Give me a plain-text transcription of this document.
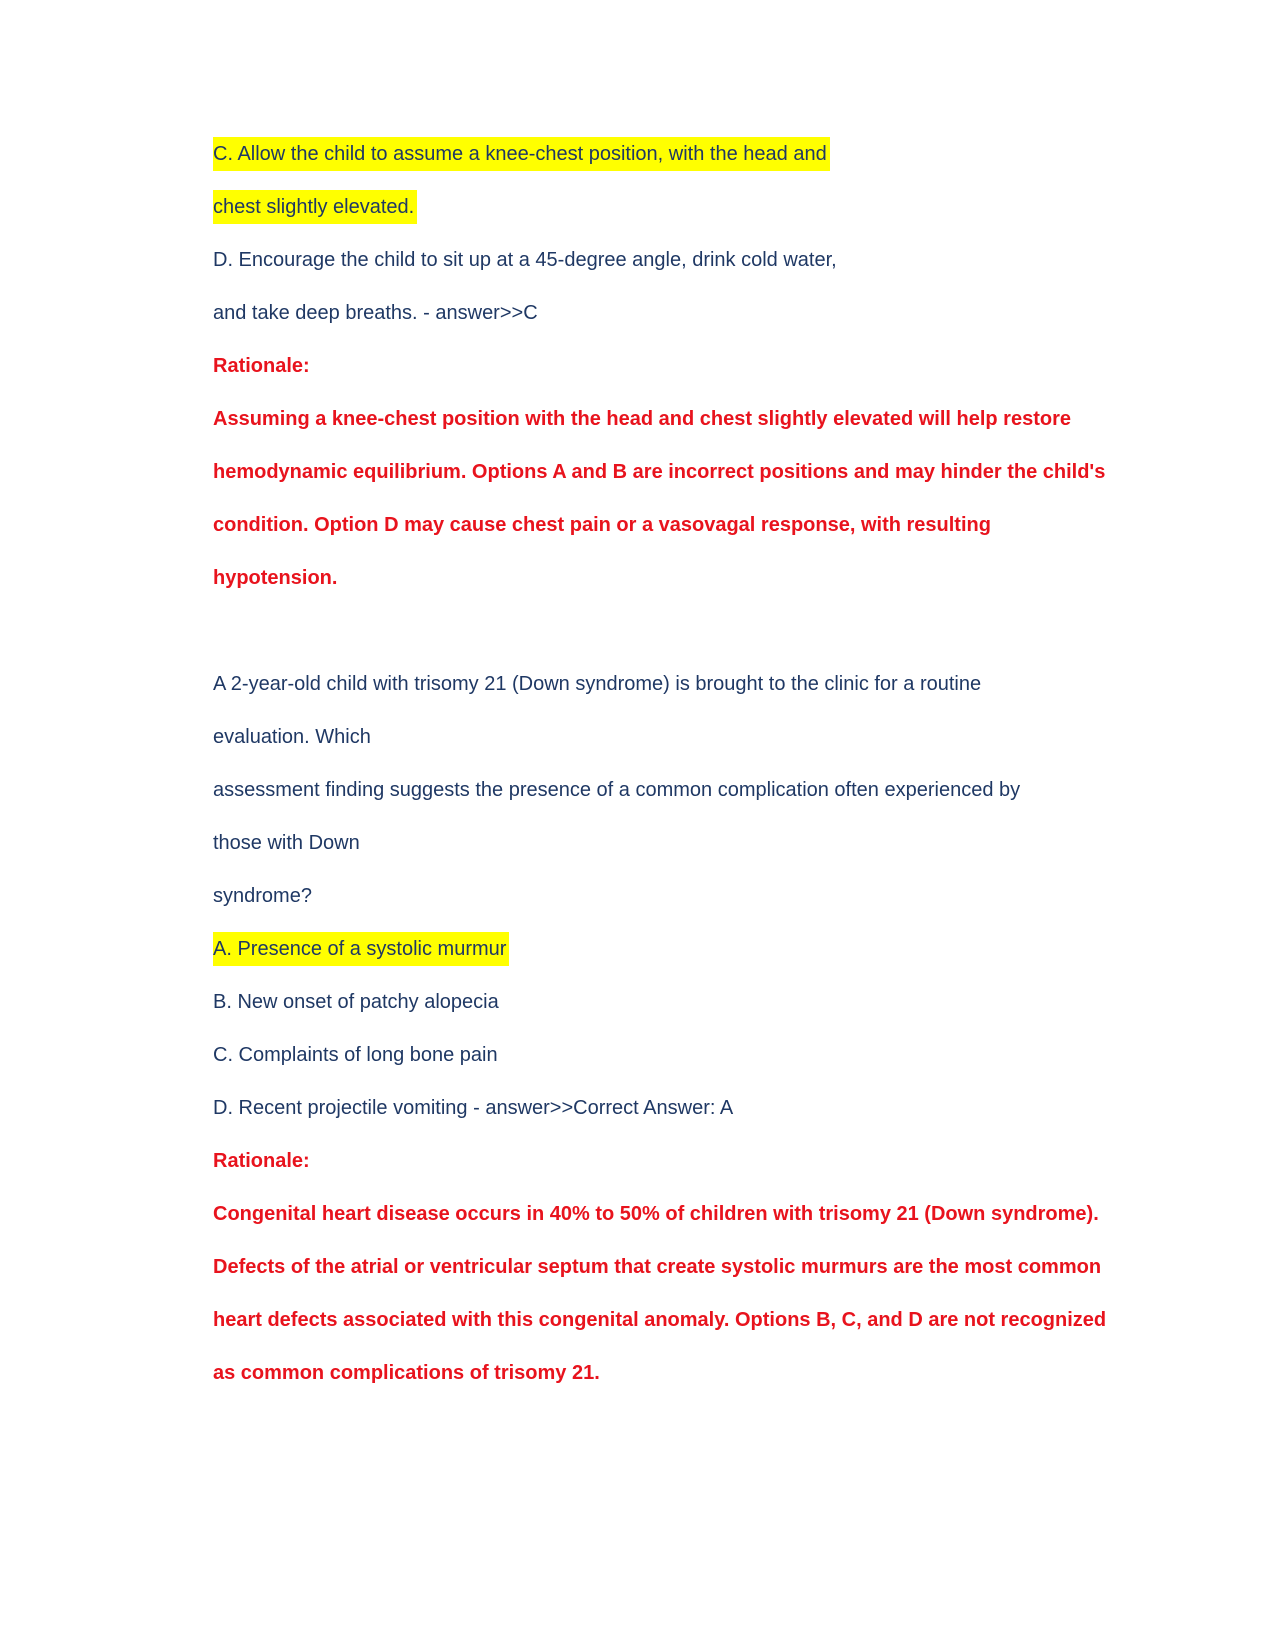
C. Allow the child to assume a knee-chest position, with the head and
chest slightly elevated.
D. Encourage the child to sit up at a 45-degree angle, drink cold water,
and take deep breaths. - answer>>C
Rationale:
Assuming a knee-chest position with the head and chest slightly elevated will help restore
hemodynamic equilibrium. Options A and B are incorrect positions and may hinder the child's
condition. Option D may cause chest pain or a vasovagal response, with resulting
hypotension.
A 2-year-old child with trisomy 21 (Down syndrome) is brought to the clinic for a routine
evaluation. Which
assessment finding suggests the presence of a common complication often experienced by
those with Down
syndrome?
A. Presence of a systolic murmur
B. New onset of patchy alopecia
C. Complaints of long bone pain
D. Recent projectile vomiting - answer>>Correct Answer: A
Rationale:
Congenital heart disease occurs in 40% to 50% of children with trisomy 21 (Down syndrome).
Defects of the atrial or ventricular septum that create systolic murmurs are the most common
heart defects associated with this congenital anomaly. Options B, C, and D are not recognized
as common complications of trisomy 21.
